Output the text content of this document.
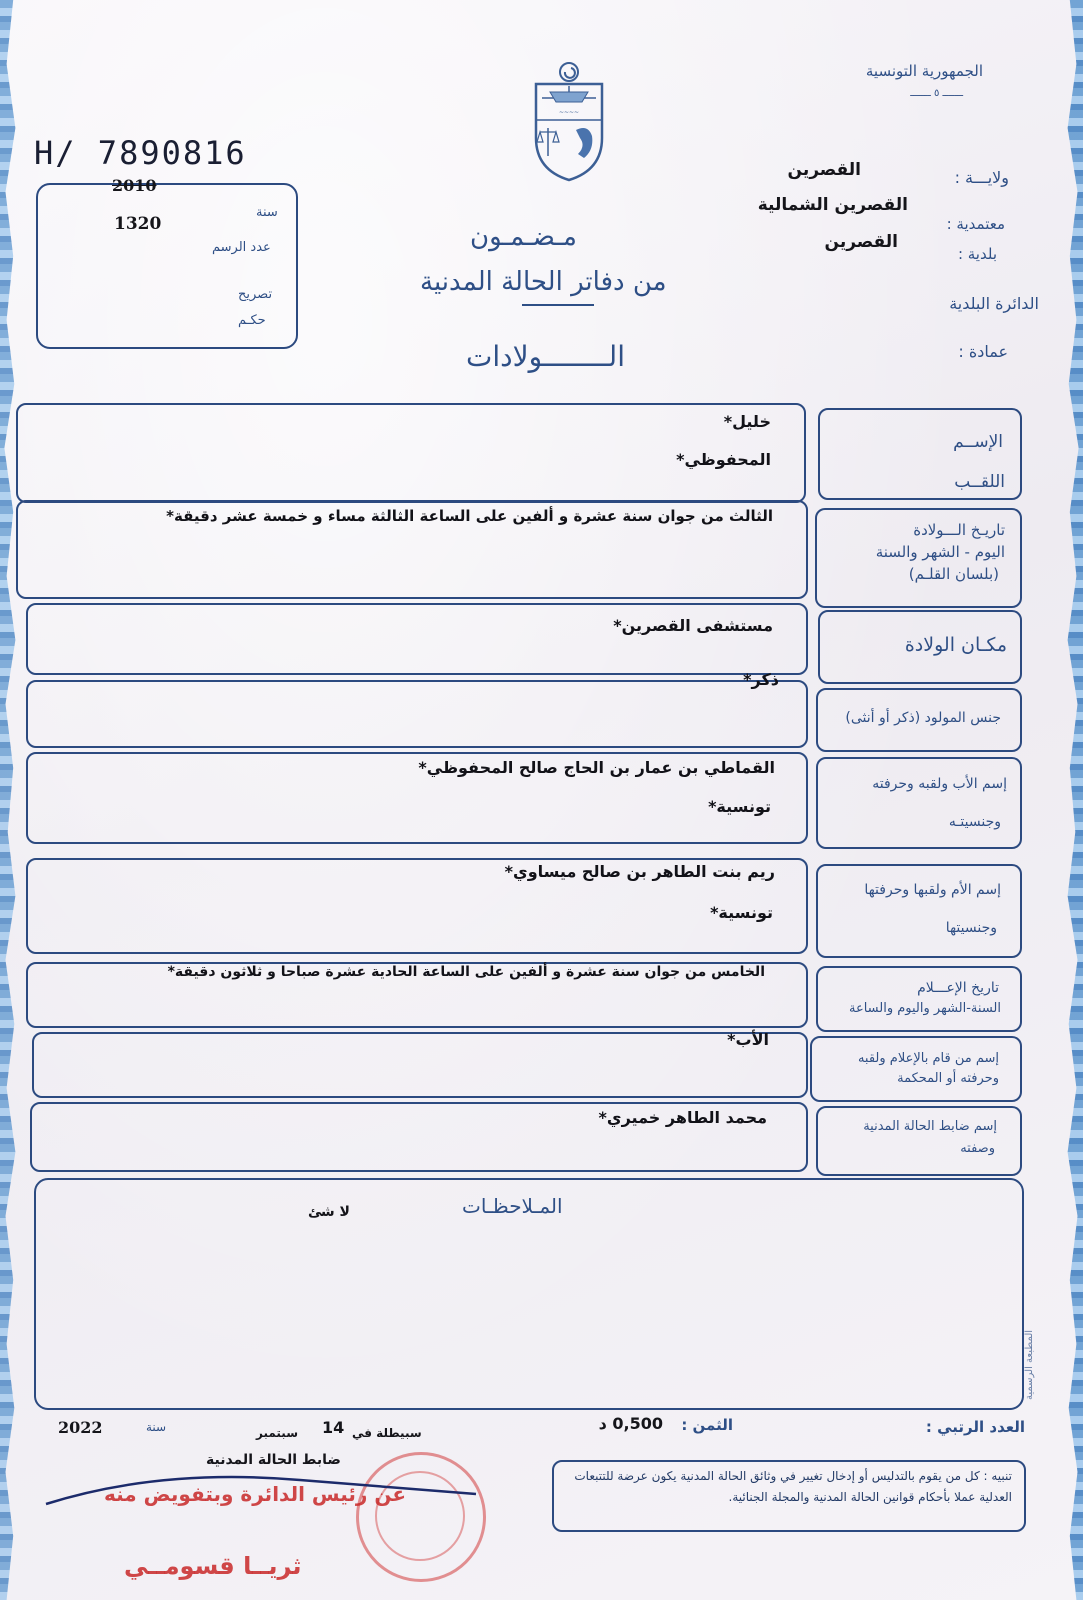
الجمهورية التونسية
ـــــــ ٥ ـــــــ
~~~~
ولايـــة :
القصرين
معتمدية :
القصرين الشمالية
بلدية :
القصرين
الدائرة البلدية
عمادة :
H/ 7890816
2010
سنة
1320
عدد الرسم
تصريح
حكـم
مـضـمـون
من دفاتر الحالة المدنية
الــــــــولادات
الإســم
اللقــب
خليل*
المحفوظي*
تاريـخ الـــولادة
اليوم - الشهر والسنة
(بلسان القلـم)
الثالث من جوان سنة عشرة و ألفين على الساعة الثالثة مساء و خمسة عشر دقيقة*
مكـان الولادة
مستشفى القصرين*
جنس المولود (ذكر أو أنثى)
ذكر*
إسم الأب ولقبه وحرفته
وجنسيتـه
القماطي بن عمار بن الحاج صالح المحفوظي*
تونسية*
إسم الأم ولقبها وحرفتها
وجنسيتها
ريم بنت الطاهر بن صالح ميساوي*
تونسية*
تاريخ الإعـــلام
السنة-الشهر واليوم والساعة
الخامس من جوان سنة عشرة و ألفين على الساعة الحادية عشرة صباحا و ثلاثون دقيقة*
إسم من قام بالإعلام ولقبه
وحرفته أو المحكمة
الأب*
إسم ضابط الحالة المدنية
وصفته
محمد الطاهر خميري*
المـلاحظـات
لا شئ
المطبعة الرسمية
العدد الرتبي :
الثمن :
0,500 د
سبيطلة في
14
سبتمبر
سنة
2022
ضابط الحالة المدنية
تنبيه : كل من يقوم بالتدليس أو إدخال تغيير في وثائق الحالة المدنية يكون عرضة للتتبعات العدلية عملا بأحكام قوانين الحالة المدنية والمجلة الجنائية.
عن رئيس الدائرة وبتفويض منه
ثريــا قسومــي
